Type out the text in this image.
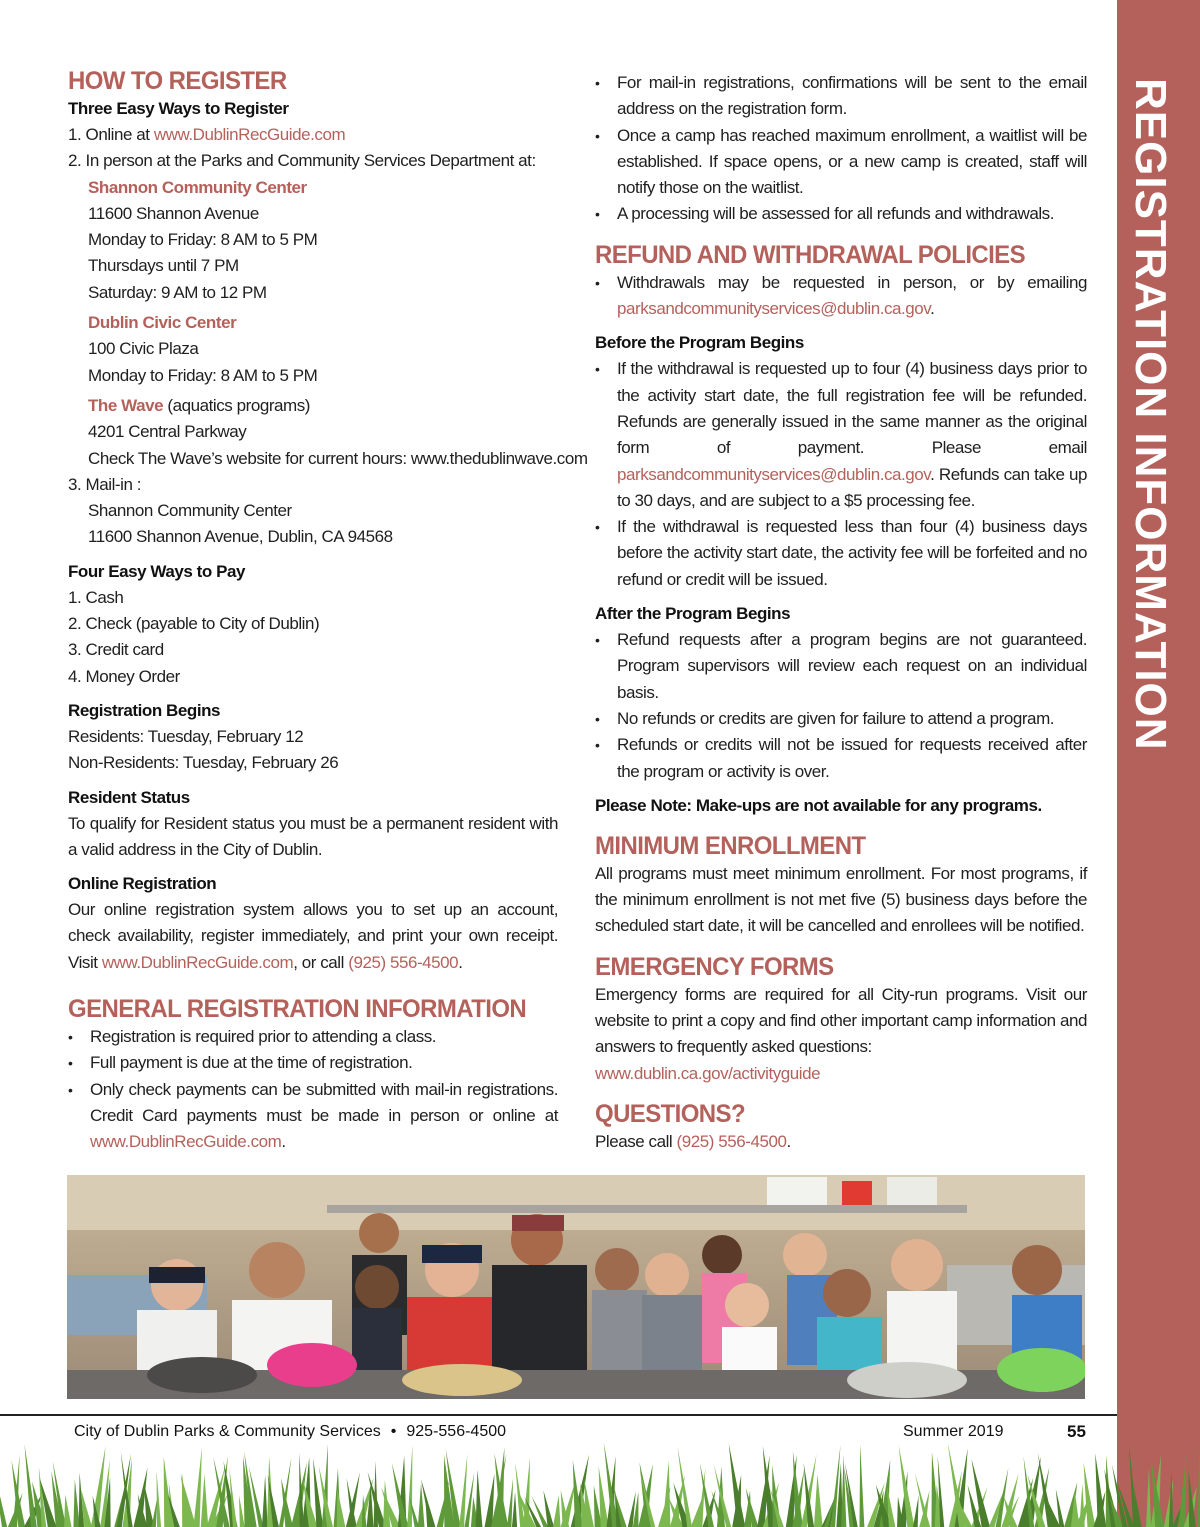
REGISTRATION INFORMATION
HOW TO REGISTER
Three Easy Ways to Register
1. Online at www.DublinRecGuide.com
2. In person at the Parks and Community Services Department at:
Shannon Community Center
11600 Shannon Avenue
Monday to Friday: 8 AM to 5 PM
Thursdays until 7 PM
Saturday: 9 AM to 12 PM
Dublin Civic Center
100 Civic Plaza
Monday to Friday: 8 AM to 5 PM
The Wave (aquatics programs)
4201 Central Parkway
Check The Wave’s website for current hours: www.thedublinwave.com
3. Mail-in :
Shannon Community Center
11600 Shannon Avenue, Dublin, CA 94568
Four Easy Ways to Pay
1. Cash
2. Check (payable to City of Dublin)
3. Credit card
4. Money Order
Registration Begins
Residents: Tuesday, February 12
Non-Residents: Tuesday, February 26
Resident Status
To qualify for Resident status you must be a permanent resident with a valid address in the City of Dublin.
Online Registration
Our online registration system allows you to set up an account, check availability, register immediately, and print your own receipt. Visit www.DublinRecGuide.com, or call (925) 556-4500.
GENERAL REGISTRATION INFORMATION
• Registration is required prior to attending a class.
• Full payment is due at the time of registration.
• Only check payments can be submitted with mail-in registrations. Credit Card payments must be made in person or online at www.DublinRecGuide.com.
• For mail-in registrations, confirmations will be sent to the email address on the registration form.
• Once a camp has reached maximum enrollment, a waitlist will be established. If space opens, or a new camp is created, staff will notify those on the waitlist.
• A processing will be assessed for all refunds and withdrawals.
REFUND AND WITHDRAWAL POLICIES
• Withdrawals may be requested in person, or by emailing parksandcommunityservices@dublin.ca.gov.
Before the Program Begins
• If the withdrawal is requested up to four (4) business days prior to the activity start date, the full registration fee will be refunded. Refunds are generally issued in the same manner as the original form of payment. Please email parksandcommunityservices@dublin.ca.gov. Refunds can take up to 30 days, and are subject to a $5 processing fee.
• If the withdrawal is requested less than four (4) business days before the activity start date, the activity fee will be forfeited and no refund or credit will be issued.
After the Program Begins
• Refund requests after a program begins are not guaranteed. Program supervisors will review each request on an individual basis.
• No refunds or credits are given for failure to attend a program.
• Refunds or credits will not be issued for requests received after the program or activity is over.
Please Note: Make-ups are not available for any programs.
MINIMUM ENROLLMENT
All programs must meet minimum enrollment. For most programs, if the minimum enrollment is not met five (5) business days before the scheduled start date, it will be cancelled and enrollees will be notified.
EMERGENCY FORMS
Emergency forms are required for all City-run programs. Visit our website to print a copy and find other important camp information and answers to frequently asked questions:
www.dublin.ca.gov/activityguide
QUESTIONS?
Please call (925) 556-4500.
City of Dublin Parks & Community Services • 925-556-4500	Summer 2019	55
